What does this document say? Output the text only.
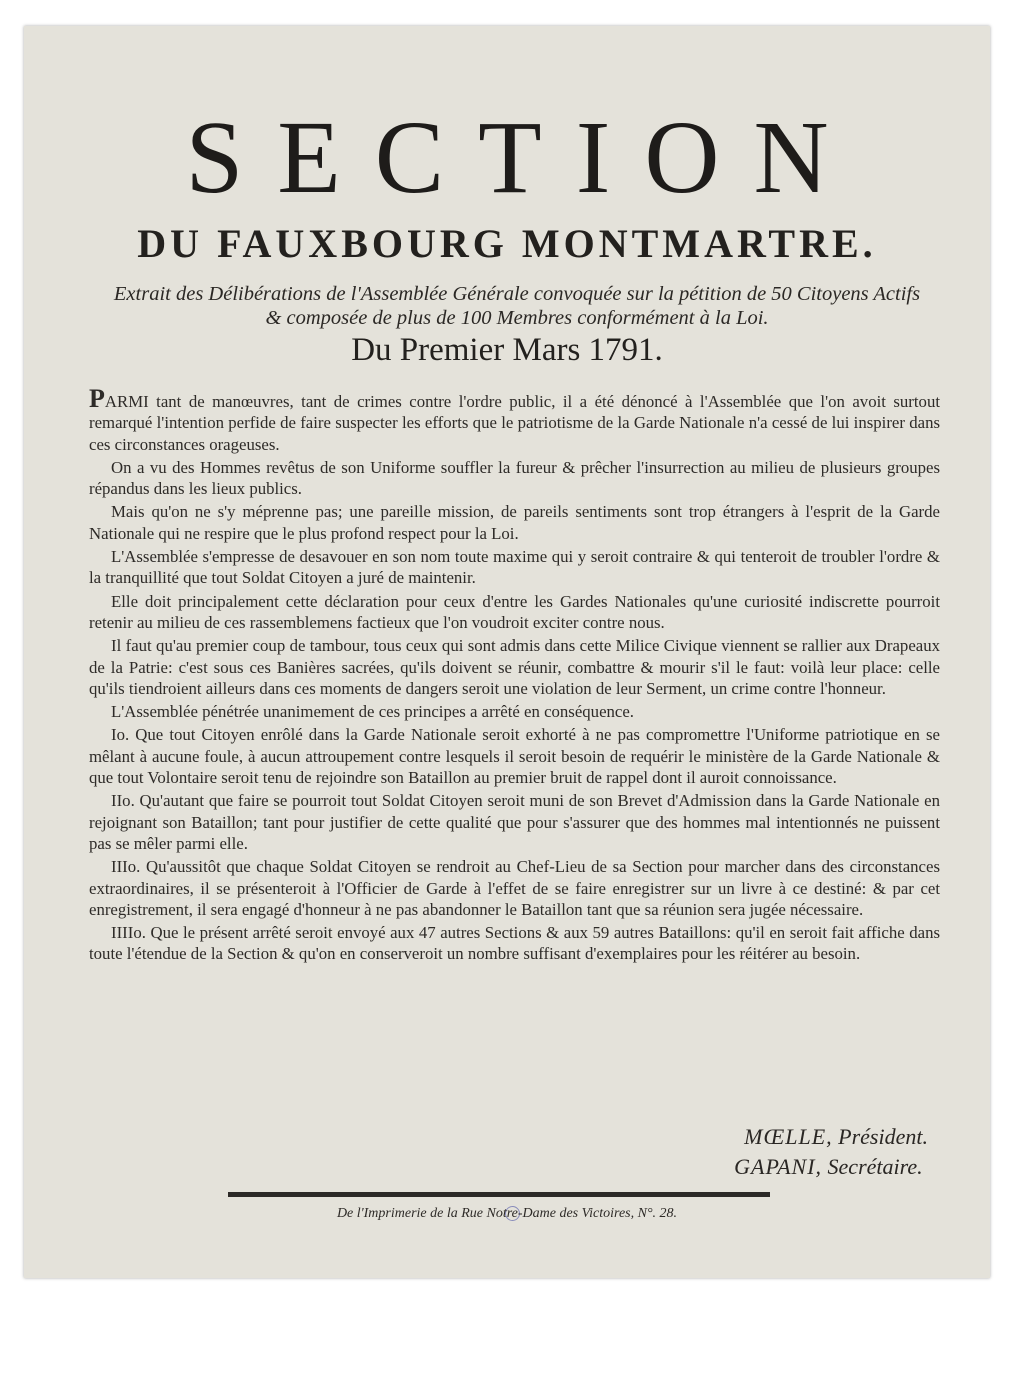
SECTION
DU FAUXBOURG MONTMARTRE.
Extrait des Délibérations de l'Assemblée Générale convoquée sur la pétition de 50 Citoyens Actifs
& composée de plus de 100 Membres conformément à la Loi.
Du Premier Mars 1791.

PARMI tant de manœuvres, tant de crimes contre l'ordre public, il a été dénoncé à l'Assemblée que l'on avoit surtout remarqué l'intention perfide de faire suspecter les efforts que le patriotisme de la Garde Nationale n'a cessé de lui inspirer dans ces circonstances orageuses.

On a vu des Hommes revêtus de son Uniforme souffler la fureur & prêcher l'insurrection au milieu de plusieurs groupes répandus dans les lieux publics.

Mais qu'on ne s'y méprenne pas; une pareille mission, de pareils sentiments sont trop étrangers à l'esprit de la Garde Nationale qui ne respire que le plus profond respect pour la Loi.

L'Assemblée s'empresse de desavouer en son nom toute maxime qui y seroit contraire & qui tenteroit de troubler l'ordre & la tranquillité que tout Soldat Citoyen a juré de maintenir.

Elle doit principalement cette déclaration pour ceux d'entre les Gardes Nationales qu'une curiosité indiscrette pourroit retenir au milieu de ces rassemblemens factieux que l'on voudroit exciter contre nous.

Il faut qu'au premier coup de tambour, tous ceux qui sont admis dans cette Milice Civique viennent se rallier aux Drapeaux de la Patrie: c'est sous ces Banières sacrées, qu'ils doivent se réunir, combattre & mourir s'il le faut: voilà leur place: celle qu'ils tiendroient ailleurs dans ces moments de dangers seroit une violation de leur Serment, un crime contre l'honneur.

L'Assemblée pénétrée unanimement de ces principes a arrêté en conséquence.

Io. Que tout Citoyen enrôlé dans la Garde Nationale seroit exhorté à ne pas compromettre l'Uniforme patriotique en se mêlant à aucune foule, à aucun attroupement contre lesquels il seroit besoin de requérir le ministère de la Garde Nationale & que tout Volontaire seroit tenu de rejoindre son Bataillon au premier bruit de rappel dont il auroit connoissance.

IIo. Qu'autant que faire se pourroit tout Soldat Citoyen seroit muni de son Brevet d'Admission dans la Garde Nationale en rejoignant son Bataillon; tant pour justifier de cette qualité que pour s'assurer que des hommes mal intentionnés ne puissent pas se mêler parmi elle.

IIIo. Qu'aussitôt que chaque Soldat Citoyen se rendroit au Chef-Lieu de sa Section pour marcher dans des circonstances extraordinaires, il se présenteroit à l'Officier de Garde à l'effet de se faire enregistrer sur un livre à ce destiné: & par cet enregistrement, il sera engagé d'honneur à ne pas abandonner le Bataillon tant que sa réunion sera jugée nécessaire.

IIIIo. Que le présent arrêté seroit envoyé aux 47 autres Sections & aux 59 autres Bataillons: qu'il en seroit fait affiche dans toute l'étendue de la Section & qu'on en conserveroit un nombre suffisant d'exemplaires pour les réitérer au besoin.

MŒLLE, Président.
GAPANI, Secrétaire.
De l'Imprimerie de la Rue Notre-Dame des Victoires, N°. 28.
